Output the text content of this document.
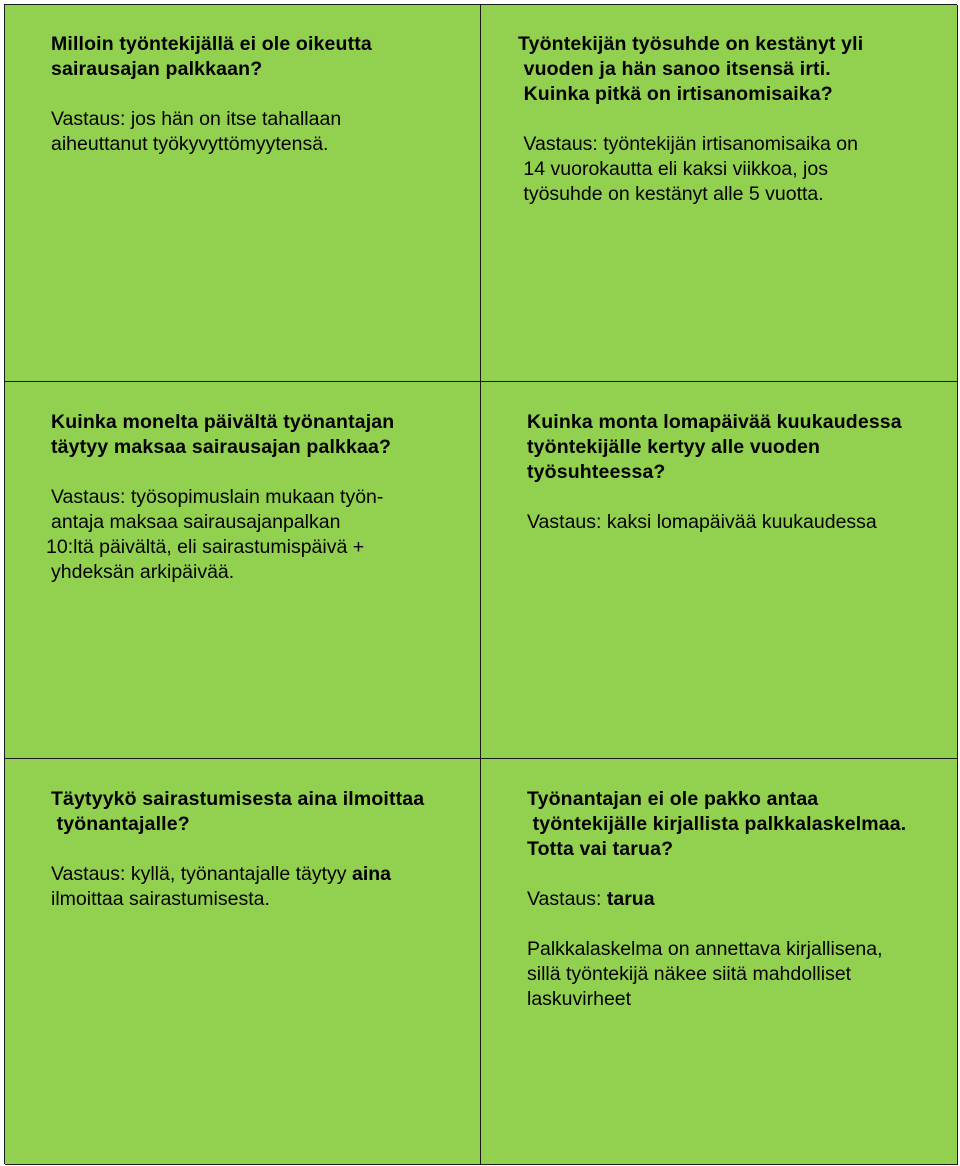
Milloin työntekijällä ei ole oikeutta
sairausajan palkkaan?

Vastaus: jos hän on itse tahallaan
aiheuttanut työkyvyttömyytensä.

Työntekijän työsuhde on kestänyt yli
vuoden ja hän sanoo itsensä irti.
Kuinka pitkä on irtisanomisaika?

Vastaus: työntekijän irtisanomisaika on
14 vuorokautta eli kaksi viikkoa, jos
työsuhde on kestänyt alle 5 vuotta.

Kuinka monelta päivältä työnantajan
täytyy maksaa sairausajan palkkaa?

Vastaus: työsopimuslain mukaan työn-
antaja maksaa sairausajanpalkan
10:ltä päivältä, eli sairastumispäivä +
yhdeksän arkipäivää.

Kuinka monta lomapäivää kuukaudessa
työntekijälle kertyy alle vuoden
työsuhteessa?

Vastaus: kaksi lomapäivää kuukaudessa

Täytyykö sairastumisesta aina ilmoittaa
työnantajalle?

Vastaus: kyllä, työnantajalle täytyy aina
ilmoittaa sairastumisesta.

Työnantajan ei ole pakko antaa
työntekijälle kirjallista palkkalaskelmaa.
Totta vai tarua?

Vastaus: tarua

Palkkalaskelma on annettava kirjallisena,
sillä työntekijä näkee siitä mahdolliset
laskuvirheet
